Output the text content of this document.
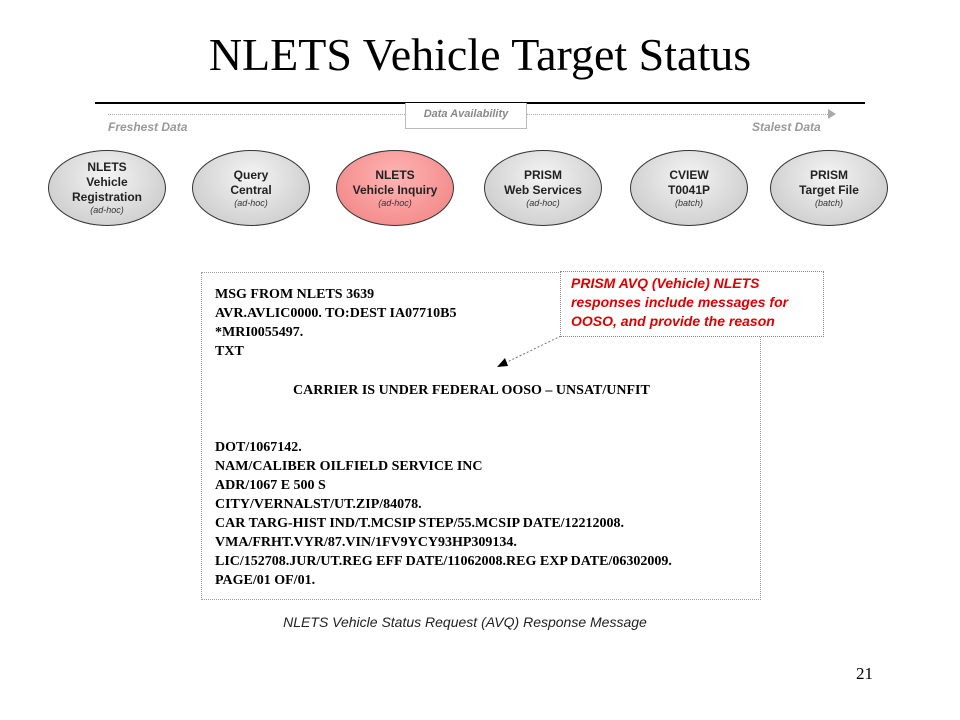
NLETS Vehicle Target Status
Data Availability
Freshest Data	Stalest Data
NLETS
Vehicle
Registration
(ad-hoc)
Query
Central
(ad-hoc)
NLETS
Vehicle Inquiry
(ad-hoc)
PRISM
Web Services
(ad-hoc)
CVIEW
T0041P
(batch)
PRISM
Target File
(batch)
MSG FROM NLETS 3639
AVR.AVLIC0000. TO:DEST IA07710B5
*MRI0055497.
TXT
CARRIER IS UNDER FEDERAL OOSO – UNSAT/UNFIT
DOT/1067142.
NAM/CALIBER OILFIELD SERVICE INC
ADR/1067 E 500 S
CITY/VERNALST/UT.ZIP/84078.
CAR TARG-HIST IND/T.MCSIP STEP/55.MCSIP DATE/12212008.
VMA/FRHT.VYR/87.VIN/1FV9YCY93HP309134.
LIC/152708.JUR/UT.REG EFF DATE/11062008.REG EXP DATE/06302009.
PAGE/01 OF/01.
PRISM AVQ (Vehicle) NLETS
responses include messages for
OOSO, and provide the reason
NLETS Vehicle Status Request (AVQ) Response Message
21
